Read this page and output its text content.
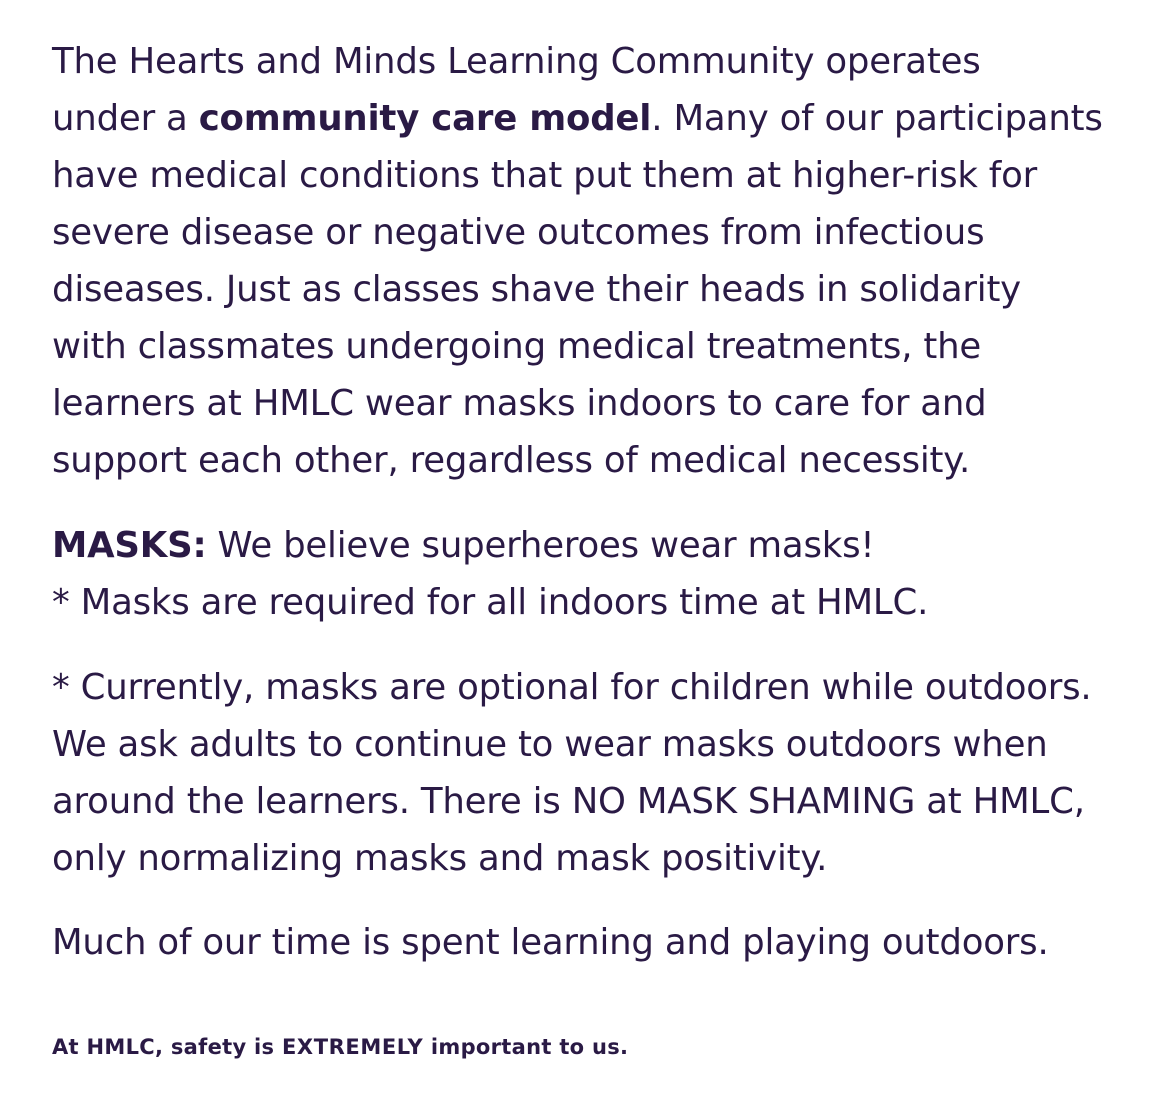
The Hearts and Minds Learning Community operates
under a community care model. Many of our participants
have medical conditions that put them at higher-risk for
severe disease or negative outcomes from infectious
diseases. Just as classes shave their heads in solidarity
with classmates undergoing medical treatments, the
learners at HMLC wear masks indoors to care for and
support each other, regardless of medical necessity.

MASKS: We believe superheroes wear masks!
* Masks are required for all indoors time at HMLC.

* Currently, masks are optional for children while outdoors.
We ask adults to continue to wear masks outdoors when
around the learners. There is NO MASK SHAMING at HMLC,
only normalizing masks and mask positivity.

Much of our time is spent learning and playing outdoors.

At HMLC, safety is EXTREMELY important to us.
